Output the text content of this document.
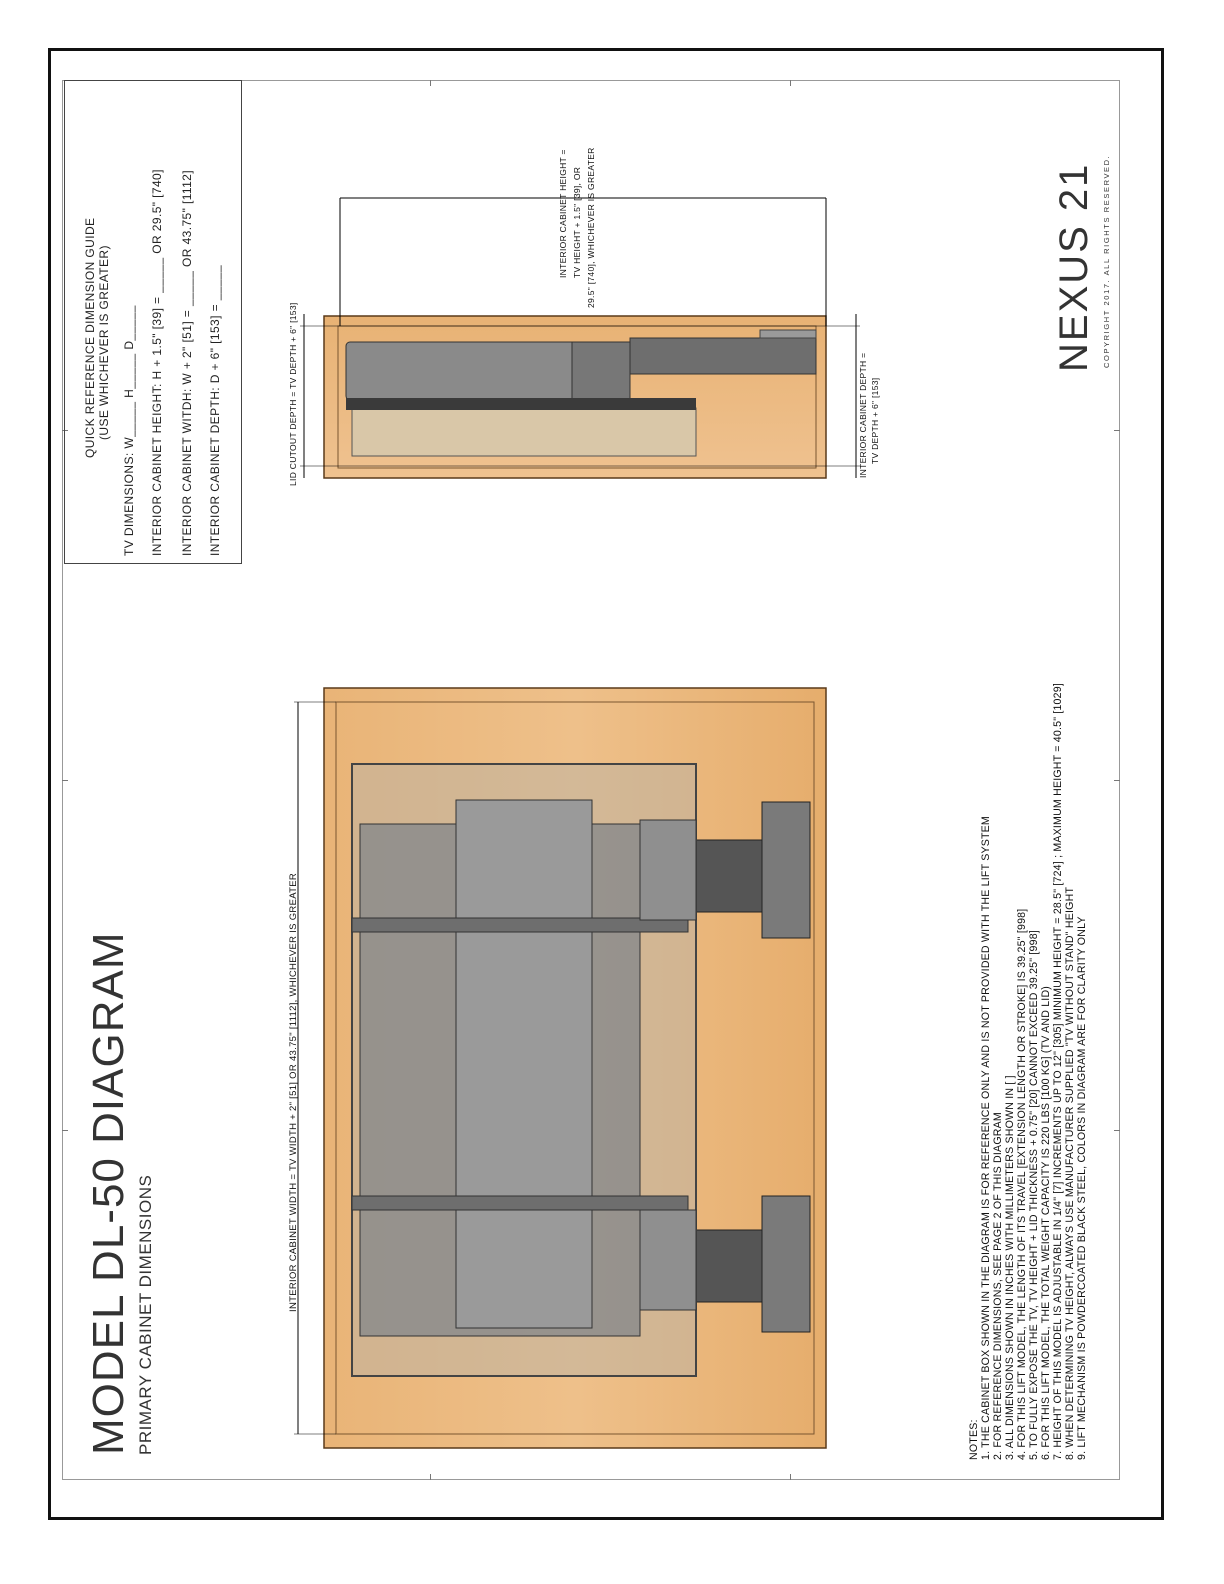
MODEL DL-50 DIAGRAM PRIMARY CABINET DIMENSIONS
QUICK REFERENCE DIMENSION GUIDE (USE WHICHEVER IS GREATER) TV DIMENSIONS: W_____ H_____ D_____ INTERIOR CABINET HEIGHT: H + 1.5" [39] = _____ OR 29.5" [740] INTERIOR CABINET WITDH: W + 2" [51] = _____ OR 43.75" [1112] INTERIOR CABINET DEPTH: D + 6" [153] = _____
INTERIOR CABINET WIDTH = TV WIDTH + 2" [51] OR 43.75" [1112], WHICHEVER IS GREATER
LID CUTOUT DEPTH = TV DEPTH + 6" [153]
INTERIOR CABINET HEIGHT = TV HEIGHT + 1.5" [39], OR 29.5" [740], WHICHEVER IS GREATER
INTERIOR CABINET DEPTH = TV DEPTH + 6" [153]
NOTES: 1. THE CABINET BOX SHOWN IN THE DIAGRAM IS FOR REFERENCE ONLY AND IS NOT PROVIDED WITH THE LIFT SYSTEM 2. FOR REFERENCE DIMENSIONS, SEE PAGE 2 OF THIS DIAGRAM 3. ALL DIMENSIONS SHOWN IN INCHES WITH MILLIMETERS SHOWN IN [ ] 4. FOR THIS LIFT MODEL, THE LENGTH OF ITS TRAVEL [EXTENSION LENGTH OR STROKE] IS 39.25" [998] 5. TO FULLY EXPOSE THE TV, TV HEIGHT + LID THICKNESS + 0.75" [20] CANNOT EXCEED 39.25" [998] 6. FOR THIS LIFT MODEL, THE TOTAL WEIGHT CAPACITY IS 220 LBS [100 KG] (TV AND LID) 7. HEIGHT OF THIS MODEL IS ADJUSTABLE IN 1/4" [7] INCREMENTS UP TO 12" [305] MINIMUM HEIGHT = 28.5" [724] ; MAXIMUM HEIGHT = 40.5" [1029] 8. WHEN DETERMINING TV HEIGHT, ALWAYS USE MANUFACTURER SUPPLIED "TV WITHOUT STAND" HEIGHT 9. LIFT MECHANISM IS POWDERCOATED BLACK STEEL, COLORS IN DIAGRAM ARE FOR CLARITY ONLY
NEXUS 21 COPYRIGHT 2017. ALL RIGHTS RESERVED.
